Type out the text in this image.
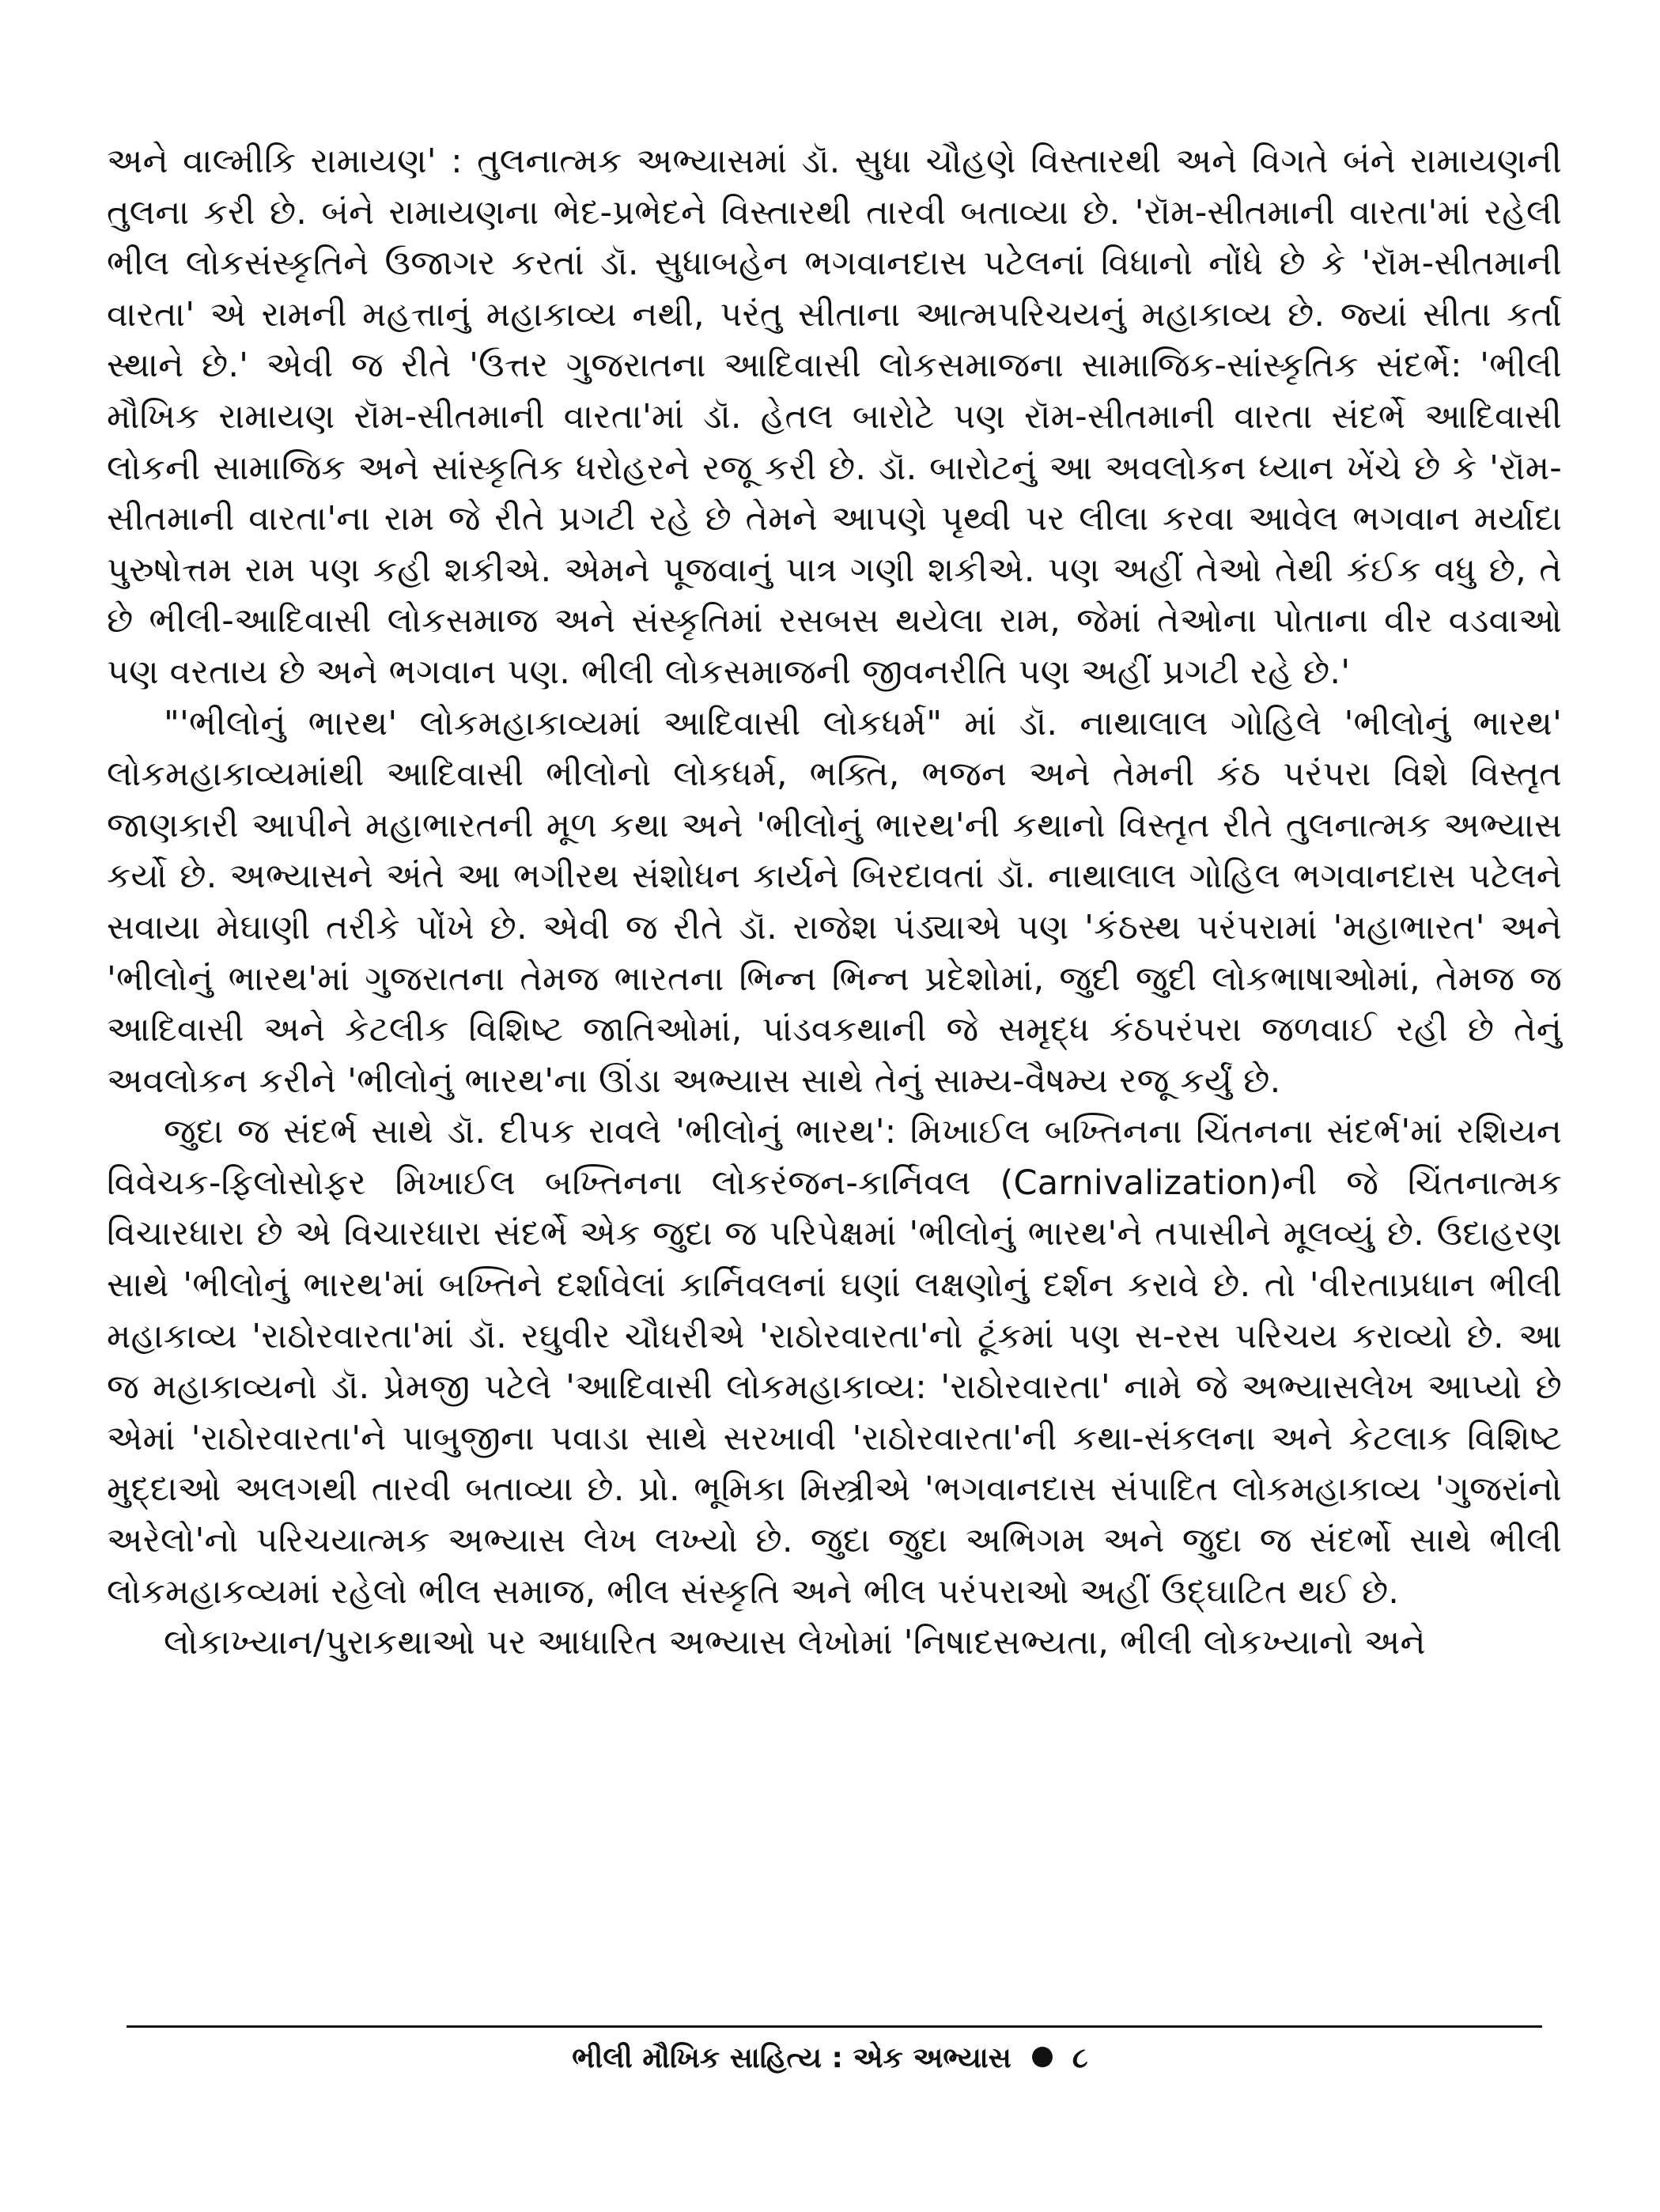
અને વાલ્મીકિ રામાયણ' : તુલનાત્મક અભ્યાસમાં ડૉ. સુધા ચૌહણે વિસ્તારથી અને વિગતે બંને રામાયણની તુલના કરી છે. બંને રામાયણના ભેદ-પ્રભેદને વિસ્તારથી તારવી બતાવ્યા છે. 'રૉમ-સીતમાની વારતા'માં રહેલી ભીલ લોકસંસ્કૃતિને ઉજાગર કરતાં ડૉ. સુધાબહેન ભગવાનદાસ પટેલનાં વિધાનો નોંધે છે કે 'રૉમ-સીતમાની વારતા' એ રામની મહત્તાનું મહાકાવ્ય નથી, પરંતુ સીતાના આત્મપરિચયનું મહાકાવ્ય છે. જ્યાં સીતા કર્તા સ્થાને છે.' એવી જ રીતે 'ઉત્તર ગુજરાતના આદિવાસી લોકસમાજના સામાજિક-સાંસ્કૃતિક સંદર્ભે: 'ભીલી મૌખિક રામાયણ રૉમ-સીતમાની વારતા'માં ડૉ. હેતલ બારોટે પણ રૉમ-સીતમાની વારતા સંદર્ભે આદિવાસી લોકની સામાજિક અને સાંસ્કૃતિક ધરોહરને રજૂ કરી છે. ડૉ. બારોટનું આ અવલોકન ધ્યાન ખેંચે છે કે 'રૉમ-સીતમાની વારતા'ના રામ જે રીતે પ્રગટી રહે છે તેમને આપણે પૃથ્વી પર લીલા કરવા આવેલ ભગવાન મર્યાદા પુરુષોત્તમ રામ પણ કહી શકીએ. એમને પૂજવાનું પાત્ર ગણી શકીએ. પણ અહીં તેઓ તેથી કંઈક વધુ છે, તે છે ભીલી-આદિવાસી લોકસમાજ અને સંસ્કૃતિમાં રસબસ થયેલા રામ, જેમાં તેઓના પોતાના વીર વડવાઓ પણ વરતાય છે અને ભગવાન પણ. ભીલી લોકસમાજની જીવનરીતિ પણ અહીં પ્રગટી રહે છે.'

"'ભીલોનું ભારથ' લોકમહાકાવ્યમાં આદિવાસી લોકધર્મ" માં ડૉ. નાથાલાલ ગોહિલે 'ભીલોનું ભારથ' લોકમહાકાવ્યમાંથી આદિવાસી ભીલોનો લોકધર્મ, ભક્તિ, ભજન અને તેમની કંઠ પરંપરા વિશે વિસ્તૃત જાણકારી આપીને મહાભારતની મૂળ કથા અને 'ભીલોનું ભારથ'ની કથાનો વિસ્તૃત રીતે તુલનાત્મક અભ્યાસ કર્યો છે. અભ્યાસને અંતે આ ભગીરથ સંશોધન કાર્યને બિરદાવતાં ડૉ. નાથાલાલ ગોહિલ ભગવાનદાસ પટેલને સવાયા મેઘાણી તરીકે પોંખે છે. એવી જ રીતે ડૉ. રાજેશ પંડ્યાએ પણ 'કંઠસ્થ પરંપરામાં 'મહાભારત' અને 'ભીલોનું ભારથ'માં ગુજરાતના તેમજ ભારતના ભિન્ન ભિન્ન પ્રદેશોમાં, જુદી જુદી લોકભાષાઓમાં, તેમજ જ આદિવાસી અને કેટલીક વિશિષ્ટ જાતિઓમાં, પાંડવકથાની જે સમૃદ્ધ કંઠપરંપરા જળવાઈ રહી છે તેનું અવલોકન કરીને 'ભીલોનું ભારથ'ના ઊંડા અભ્યાસ સાથે તેનું સામ્ય-વૈષમ્ય રજૂ કર્યું છે.

જુદા જ સંદર્ભ સાથે ડૉ. દીપક રાવલે 'ભીલોનું ભારથ': મિખાઈલ બખ્તિનના ચિંતનના સંદર્ભ'માં રશિયન વિવેચક-ફિલોસોફર મિખાઈલ બખ્તિનના લોકરંજન-કાર્નિવલ (Carnivalization)ની જે ચિંતનાત્મક વિચારધારા છે એ વિચારધારા સંદર્ભે એક જુદા જ પરિપેક્ષમાં 'ભીલોનું ભારથ'ને તપાસીને મૂલવ્યું છે. ઉદાહરણ સાથે 'ભીલોનું ભારથ'માં બખ્તિને દર્શાવેલાં કાર્નિવલનાં ઘણાં લક્ષણોનું દર્શન કરાવે છે. તો 'વીરતાપ્રધાન ભીલી મહાકાવ્ય 'રાઠોરવારતા'માં ડૉ. રઘુવીર ચૌધરીએ 'રાઠોરવારતા'નો ટૂંકમાં પણ સ-રસ પરિચય કરાવ્યો છે. આ જ મહાકાવ્યનો ડૉ. પ્રેમજી પટેલે 'આદિવાસી લોકમહાકાવ્ય: 'રાઠોરવારતા' નામે જે અભ્યાસલેખ આપ્યો છે એમાં 'રાઠોરવારતા'ને પાબુજીના પવાડા સાથે સરખાવી 'રાઠોરવારતા'ની કથા-સંકલના અને કેટલાક વિશિષ્ટ મુદ્દાઓ અલગથી તારવી બતાવ્યા છે. પ્રો. ભૂમિકા મિસ્ત્રીએ 'ભગવાનદાસ સંપાદિત લોકમહાકાવ્ય 'ગુજરાંનો અરેલો'નો પરિચયાત્મક અભ્યાસ લેખ લખ્યો છે. જુદા જુદા અભિગમ અને જુદા જ સંદર્ભો સાથે ભીલી લોકમહાકવ્યમાં રહેલો ભીલ સમાજ, ભીલ સંસ્કૃતિ અને ભીલ પરંપરાઓ અહીં ઉદ્ઘાટિત થઈ છે.

લોકાખ્યાન/પુરાકથાઓ પર આધારિત અભ્યાસ લેખોમાં 'નિષાદસભ્યતા, ભીલી લોકખ્યાનો અને

ભીલી મૌખિક સાહિત્ય : એક અભ્યાસ ૮
